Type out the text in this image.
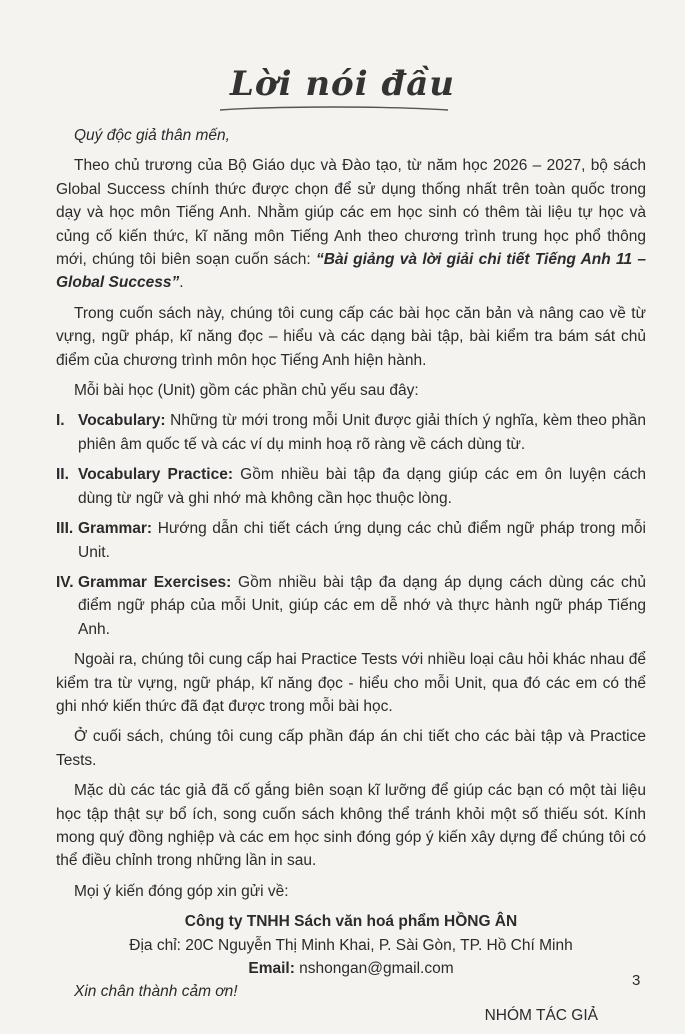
Lời nói đầu

Quý độc giả thân mến,

Theo chủ trương của Bộ Giáo dục và Đào tạo, từ năm học 2026 – 2027, bộ sách Global Success chính thức được chọn để sử dụng thống nhất trên toàn quốc trong dạy và học môn Tiếng Anh. Nhằm giúp các em học sinh có thêm tài liệu tự học và củng cố kiến thức, kĩ năng môn Tiếng Anh theo chương trình trung học phổ thông mới, chúng tôi biên soạn cuốn sách: “Bài giảng và lời giải chi tiết Tiếng Anh 11 – Global Success”.

Trong cuốn sách này, chúng tôi cung cấp các bài học căn bản và nâng cao về từ vựng, ngữ pháp, kĩ năng đọc – hiểu và các dạng bài tập, bài kiểm tra bám sát chủ điểm của chương trình môn học Tiếng Anh hiện hành.

Mỗi bài học (Unit) gồm các phần chủ yếu sau đây:

I. Vocabulary: Những từ mới trong mỗi Unit được giải thích ý nghĩa, kèm theo phần phiên âm quốc tế và các ví dụ minh hoạ rõ ràng về cách dùng từ.
II. Vocabulary Practice: Gồm nhiều bài tập đa dạng giúp các em ôn luyện cách dùng từ ngữ và ghi nhớ mà không cần học thuộc lòng.
III. Grammar: Hướng dẫn chi tiết cách ứng dụng các chủ điểm ngữ pháp trong mỗi Unit.
IV. Grammar Exercises: Gồm nhiều bài tập đa dạng áp dụng cách dùng các chủ điểm ngữ pháp của mỗi Unit, giúp các em dễ nhớ và thực hành ngữ pháp Tiếng Anh.

Ngoài ra, chúng tôi cung cấp hai Practice Tests với nhiều loại câu hỏi khác nhau để kiểm tra từ vựng, ngữ pháp, kĩ năng đọc - hiểu cho mỗi Unit, qua đó các em có thể ghi nhớ kiến thức đã đạt được trong mỗi bài học.

Ở cuối sách, chúng tôi cung cấp phần đáp án chi tiết cho các bài tập và Practice Tests.

Mặc dù các tác giả đã cố gắng biên soạn kĩ lưỡng để giúp các bạn có một tài liệu học tập thật sự bổ ích, song cuốn sách không thể tránh khỏi một số thiếu sót. Kính mong quý đồng nghiệp và các em học sinh đóng góp ý kiến xây dựng để chúng tôi có thể điều chỉnh trong những lần in sau.

Mọi ý kiến đóng góp xin gửi về:

Công ty TNHH Sách văn hoá phẩm HỒNG ÂN

Địa chỉ: 20C Nguyễn Thị Minh Khai, P. Sài Gòn, TP. Hồ Chí Minh

Email: nshongan@gmail.com

Xin chân thành cảm ơn!

NHÓM TÁC GIẢ

3
